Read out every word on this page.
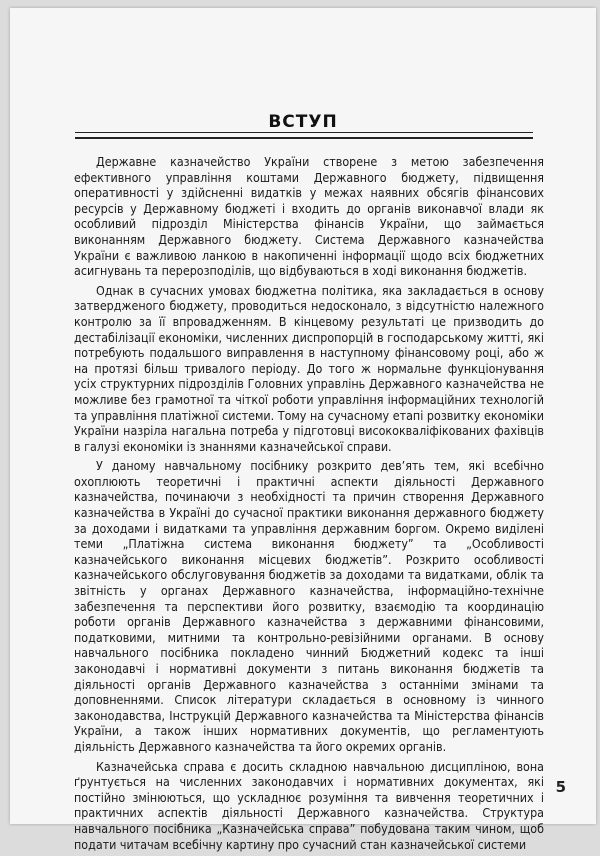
ВСТУП

Державне казначейство України створене з метою забезпечення ефективного управління коштами Державного бюджету, підвищення оперативності у здійсненні видатків у межах наявних обсягів фінансових ресурсів у Державному бюджеті і входить до органів виконавчої влади як особливий підрозділ Міністерства фінансів України, що займається виконанням Державного бюджету. Система Державного казначейства України є важливою ланкою в накопиченні інформації щодо всіх бюджетних асигнувань та перерозподілів, що відбуваються в ході виконання бюджетів.

Однак в сучасних умовах бюджетна політика, яка закладається в основу затвердженого бюджету, проводиться недосконало, з відсутністю належного контролю за її впровадженням. В кінцевому результаті це призводить до дестабілізації економіки, численних диспропорцій в господарському житті, які потребують подальшого виправлення в наступному фінансовому році, або ж на протязі більш тривалого періоду. До того ж нормальне функціонування усіх структурних підрозділів Головних управлінь Державного казначейства не можливе без грамотної та чіткої роботи управління інформаційних технологій та управління платіжної системи. Тому на сучасному етапі розвитку економіки України назріла нагальна потреба у підготовці висококваліфікованих фахівців в галузі економіки із знаннями казначейської справи.

У даному навчальному посібнику розкрито дев’ять тем, які всебічно охоплюють теоретичні і практичні аспекти діяльності Державного казначейства, починаючи з необхідності та причин створення Державного казначейства в Україні до сучасної практики виконання державного бюджету за доходами і видатками та управління державним боргом. Окремо виділені теми „Платіжна система виконання бюджету” та „Особливості казначейського виконання місцевих бюджетів”. Розкрито особливості казначейського обслуговування бюджетів за доходами та видатками, облік та звітність у органах Державного казначейства, інформаційно-технічне забезпечення та перспективи його розвитку, взаємодію та координацію роботи органів Державного казначейства з державними фінансовими, податковими, митними та контрольно-ревізійними органами. В основу навчального посібника покладено чинний Бюджетний кодекс та інші законодавчі і нормативні документи з питань виконання бюджетів та діяльності органів Державного казначейства з останніми змінами та доповненнями. Список літератури складається в основному із чинного законодавства, Інструкцій Державного казначейства та Міністерства фінансів України, а також інших нормативних документів, що регламентують діяльність Державного казначейства та його окремих органів.

Казначейська справа є досить складною навчальною дисципліною, вона ґрунтується на численних законодавчих і нормативних документах, які постійно змінюються, що ускладнює розуміння та вивчення теоретичних і практичних аспектів діяльності Державного казначейства. Структура навчального посібника „Казначейська справа” побудована таким чином, щоб подати читачам всебічну картину про сучасний стан казначейської системи

5
